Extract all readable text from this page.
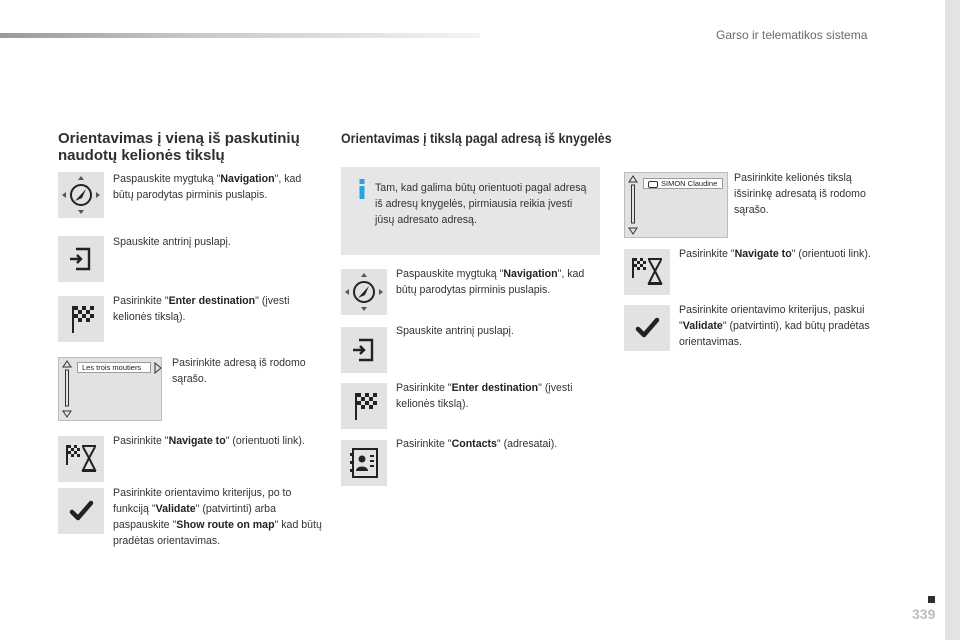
Garso ir telematikos sistema
339
Orientavimas į vieną iš paskutinių
naudotų kelionės tikslų
Paspauskite mygtuką "Navigation", kad būtų parodytas pirminis puslapis.
Spauskite antrinį puslapį.
Pasirinkite "Enter destination" (įvesti kelionės tikslą).
Les trois moutiers	Pasirinkite adresą iš rodomo sąrašo.
Pasirinkite "Navigate to" (orientuoti link).
Pasirinkite orientavimo kriterijus, po to funkciją "Validate" (patvirtinti) arba paspauskite "Show route on map" kad būtų pradėtas orientavimas.
Orientavimas į tikslą pagal adresą iš knygelės
Tam, kad galima būtų orientuoti pagal adresą iš adresų knygelės, pirmiausia reikia įvesti jūsų adresato adresą.
Paspauskite mygtuką "Navigation", kad būtų parodytas pirminis puslapis.
Spauskite antrinį puslapį.
Pasirinkite "Enter destination" (įvesti kelionės tikslą).
Pasirinkite "Contacts" (adresatai).
SIMON Claudine	Pasirinkite kelionės tikslą išsirinkę adresatą iš rodomo sąrašo.
Pasirinkite "Navigate to" (orientuoti link).
Pasirinkite orientavimo kriterijus, paskui "Validate" (patvirtinti), kad būtų pradėtas orientavimas.
